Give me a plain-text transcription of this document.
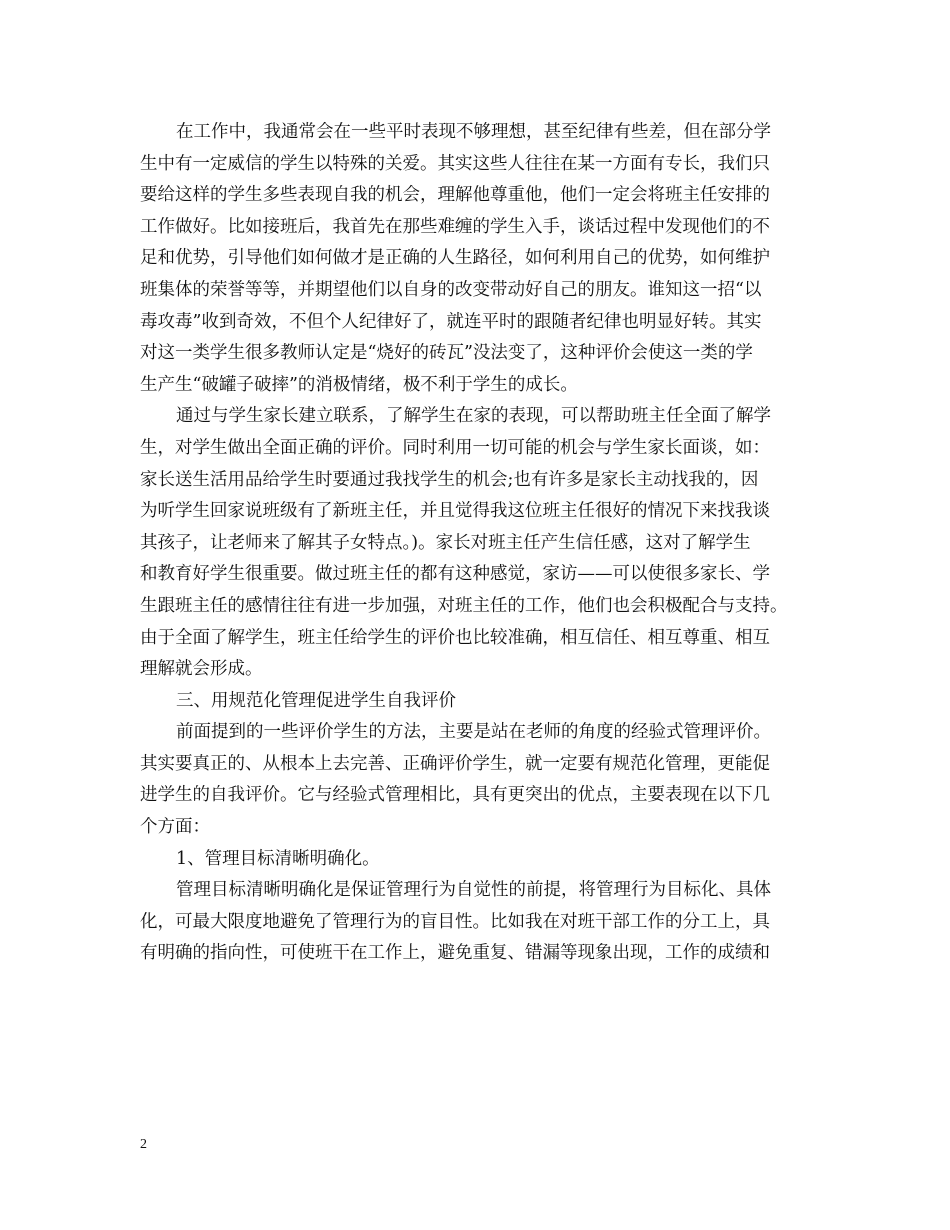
在工作中，我通常会在一些平时表现不够理想，甚至纪律有些差，但在部分学
生中有一定威信的学生以特殊的关爱。其实这些人往往在某一方面有专长，我们只
要给这样的学生多些表现自我的机会，理解他尊重他，他们一定会将班主任安排的
工作做好。比如接班后，我首先在那些难缠的学生入手，谈话过程中发现他们的不
足和优势，引导他们如何做才是正确的人生路径，如何利用自己的优势，如何维护
班集体的荣誉等等，并期望他们以自身的改变带动好自己的朋友。谁知这一招“以
毒攻毒”收到奇效，不但个人纪律好了，就连平时的跟随者纪律也明显好转。其实
对这一类学生很多教师认定是“烧好的砖瓦”没法变了，这种评价会使这一类的学
生产生“破罐子破摔”的消极情绪，极不利于学生的成长。
通过与学生家长建立联系，了解学生在家的表现，可以帮助班主任全面了解学
生，对学生做出全面正确的评价。同时利用一切可能的机会与学生家长面谈，如：
家长送生活用品给学生时要通过我找学生的机会;也有许多是家长主动找我的，因
为听学生回家说班级有了新班主任，并且觉得我这位班主任很好的情况下来找我谈
其孩子，让老师来了解其子女特点。)。家长对班主任产生信任感，这对了解学生
和教育好学生很重要。做过班主任的都有这种感觉，家访——可以使很多家长、学
生跟班主任的感情往往有进一步加强，对班主任的工作，他们也会积极配合与支持。
由于全面了解学生，班主任给学生的评价也比较准确，相互信任、相互尊重、相互
理解就会形成。
三、用规范化管理促进学生自我评价
前面提到的一些评价学生的方法，主要是站在老师的角度的经验式管理评价。
其实要真正的、从根本上去完善、正确评价学生，就一定要有规范化管理，更能促
进学生的自我评价。它与经验式管理相比，具有更突出的优点，主要表现在以下几
个方面：
1、管理目标清晰明确化。
管理目标清晰明确化是保证管理行为自觉性的前提，将管理行为目标化、具体
化，可最大限度地避免了管理行为的盲目性。比如我在对班干部工作的分工上，具
有明确的指向性，可使班干在工作上，避免重复、错漏等现象出现，工作的成绩和
2
